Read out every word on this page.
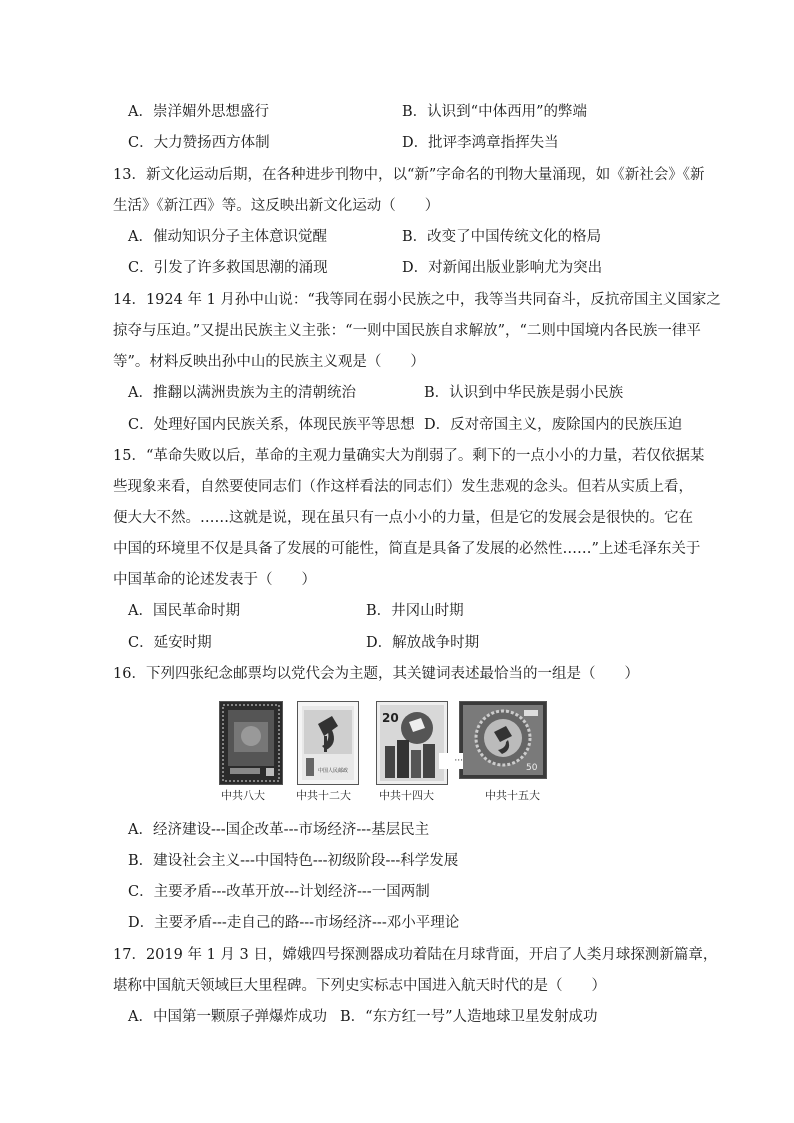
A．崇洋媚外思想盛行	B．认识到“中体西用”的弊端
C．大力赞扬西方体制	D．批评李鸿章指挥失当
13．新文化运动后期，在各种进步刊物中，以“新”字命名的刊物大量涌现，如《新社会》《新
生活》《新江西》等。这反映出新文化运动（　　）
A．催动知识分子主体意识觉醒	B．改变了中国传统文化的格局
C．引发了许多救国思潮的涌现	D．对新闻出版业影响尤为突出
14．1924 年 1 月孙中山说：“我等同在弱小民族之中，我等当共同奋斗，反抗帝国主义国家之
掠夺与压迫。”又提出民族主义主张：“一则中国民族自求解放”，“二则中国境内各民族一律平
等”。材料反映出孙中山的民族主义观是（　　）
A．推翻以满洲贵族为主的清朝统治	B．认识到中华民族是弱小民族
C．处理好国内民族关系，体现民族平等思想 D．反对帝国主义，废除国内的民族压迫
15．“革命失败以后，革命的主观力量确实大为削弱了。剩下的一点小小的力量，若仅依据某
些现象来看，自然要使同志们（作这样看法的同志们）发生悲观的念头。但若从实质上看，
便大大不然。……这就是说，现在虽只有一点小小的力量，但是它的发展会是很快的。它在
中国的环境里不仅是具备了发展的可能性，简直是具备了发展的必然性……”上述毛泽东关于
中国革命的论述发表于（　　）
A．国民革命时期	B．井冈山时期
C．延安时期	D．解放战争时期
16．下列四张纪念邮票均以党代会为主题，其关键词表述最恰当的一组是（　　）
中国人民邮政
20
50
···
中共八大	中共十二大	中共十四大	中共十五大
A．经济建设---国企改革---市场经济---基层民主
B．建设社会主义---中国特色---初级阶段---科学发展
C．主要矛盾---改革开放---计划经济---一国两制
D．主要矛盾---走自己的路---市场经济---邓小平理论
17．2019 年 1 月 3 日，嫦娥四号探测器成功着陆在月球背面，开启了人类月球探测新篇章，
堪称中国航天领域巨大里程碑。下列史实标志中国进入航天时代的是（　　）
A．中国第一颗原子弹爆炸成功 B．“东方红一号”人造地球卫星发射成功
